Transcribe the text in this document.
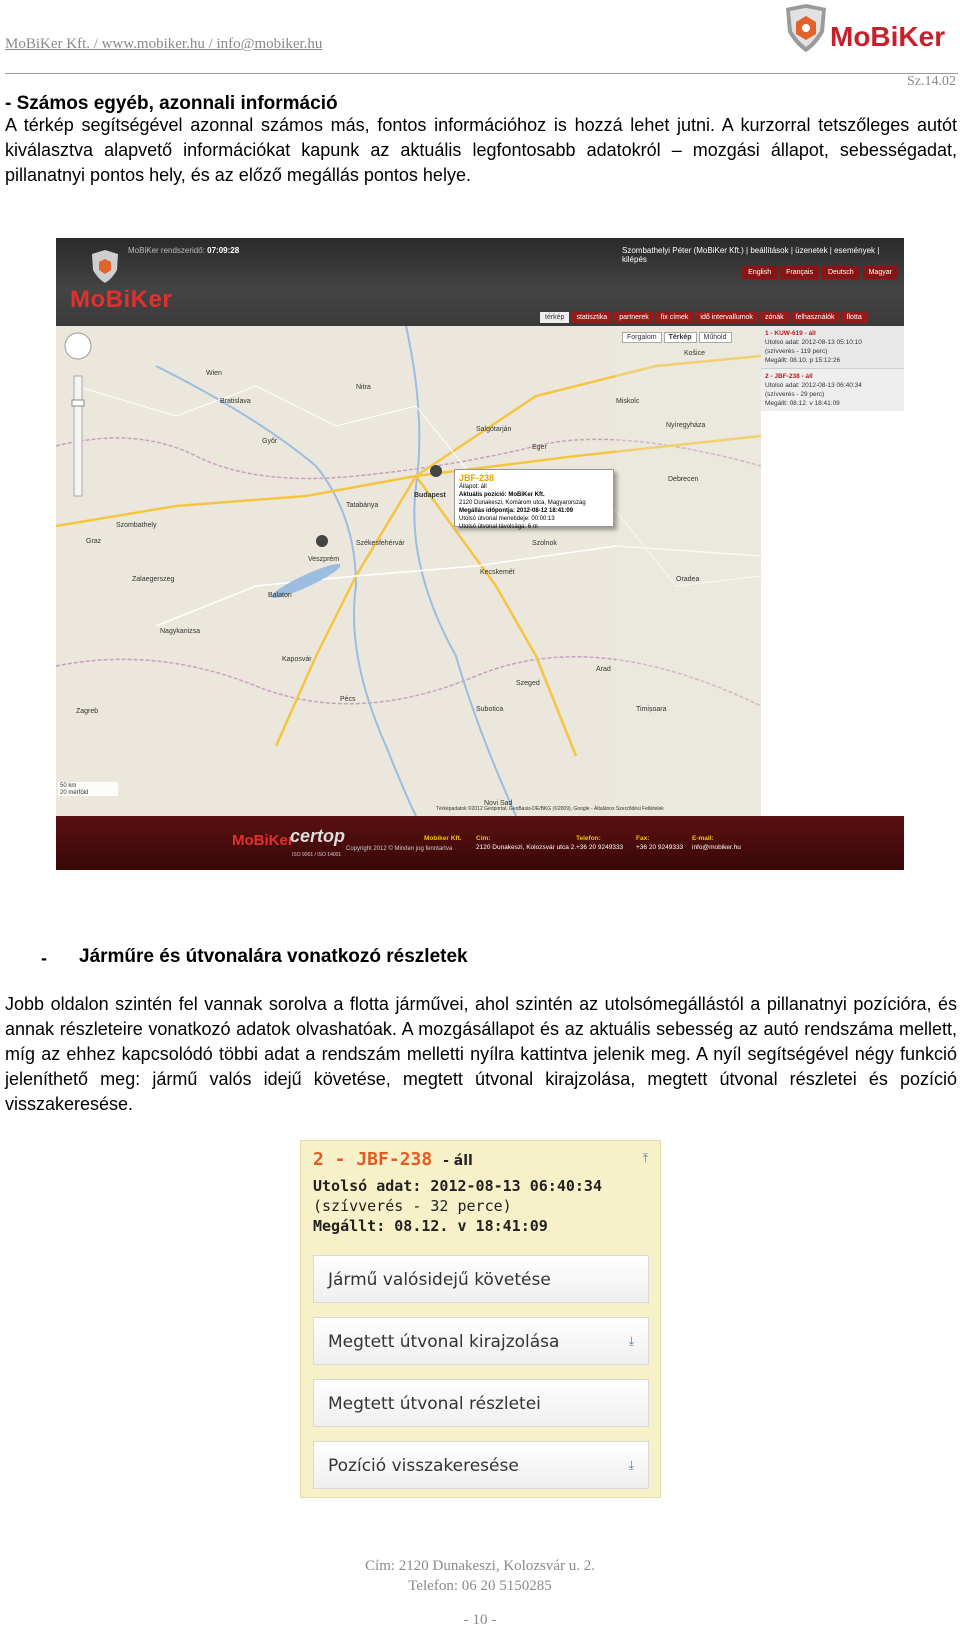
MoBiKer Kft. / www.mobiker.hu / info@mobiker.hu	MoBiKer
Sz.14.02
- Számos egyéb, azonnali információ
A térkép segítségével azonnal számos más, fontos információhoz is hozzá lehet jutni. A kurzorral tetszőleges autót kiválasztva alapvető információkat kapunk az aktuális legfontosabb adatokról – mozgási állapot, sebességadat, pillanatnyi pontos hely, és az előző megállás pontos helye.
MoBiKer
MoBiKer rendszeridő: 07:09:28	Szombathelyi Péter (MoBiKer Kft.) | beállítások | üzenetek | események | kilépés
English	Français	Deutsch	Magyar
térkép	statisztika	partnerek	fix címek	idő intervallumok	zónák	felhasználók	flotta
Forgalom	Térkép	Műhold
Wien
Bratislava
Győr
Nitra
Miskolc
Nyíregyháza
Debrecen
Budapest
Tatabánya
Székesfehérvár
Veszprém
Kecskemét
Szolnok
Graz
Pécs
Szeged
Subotica
Arad
Timișoara
Novi Sad
Oradea
Salgótarján
Eger
Balaton
Kaposvár
Zagreb
Košice
Zalaegerszeg
Szombathely
Nagykanizsa
JBF-238
Állapot: áll
Aktuális pozíció: MoBiKer Kft.
2120 Dunakeszi, Komárom utca, Magyarország
Megállás időpontja: 2012-08-12 18:41:09
Utolsó útvonal menetideje: 00:00:13
Utolsó útvonal távolsága: 6 m
50 km
20 mérföld
Térképadatok ©2012 Geoportal, GeoBasis-DE/BKG (©2009), Google - Általános Szerződési Feltételek
1 - KUW-619 - áll
Utolsó adat: 2012-08-13 05:10:10
(szívverés - 119 perc)
Megállt: 08.10. p 15:12:26
2 - JBF-238 - áll
Utolsó adat: 2012-08-13 06:40:34
(szívverés - 29 perc)
Megállt: 08.12. v 18:41:09
MoBiKer
certop
ISO 9001 / ISO 14001
Copyright 2012 © Minden jog fenntartva
Mobiker Kft. Cím:
2120 Dunakeszi, Kolozsvár utca 2.
Telefon:
+36 20 9249333
Fax:
+36 20 9249333
E-mail:
info@mobiker.hu
- Járműre és útvonalára vonatkozó részletek
Jobb oldalon szintén fel vannak sorolva a flotta járművei, ahol szintén az utolsómegállástól a pillanatnyi pozícióra, és annak részleteire vonatkozó adatok olvashatóak. A mozgásállapot és az aktuális sebesség az autó rendszáma mellett, míg az ehhez kapcsolódó többi adat a rendszám melletti nyílra kattintva jelenik meg. A nyíl segítségével négy funkció jeleníthető meg: jármű valós idejű követése, megtett útvonal kirajzolása, megtett útvonal részletei és pozíció visszakeresése.
2 - JBF-238 - áll	⤒
Utolsó adat: 2012-08-13 06:40:34
(szívverés - 32 perce)
Megállt: 08.12. v 18:41:09
Jármű valósidejű követése
Megtett útvonal kirajzolása	⤓
Megtett útvonal részletei
Pozíció visszakeresése	⤓
Cím: 2120 Dunakeszi, Kolozsvár u. 2.
Telefon: 06 20 5150285
- 10 -
